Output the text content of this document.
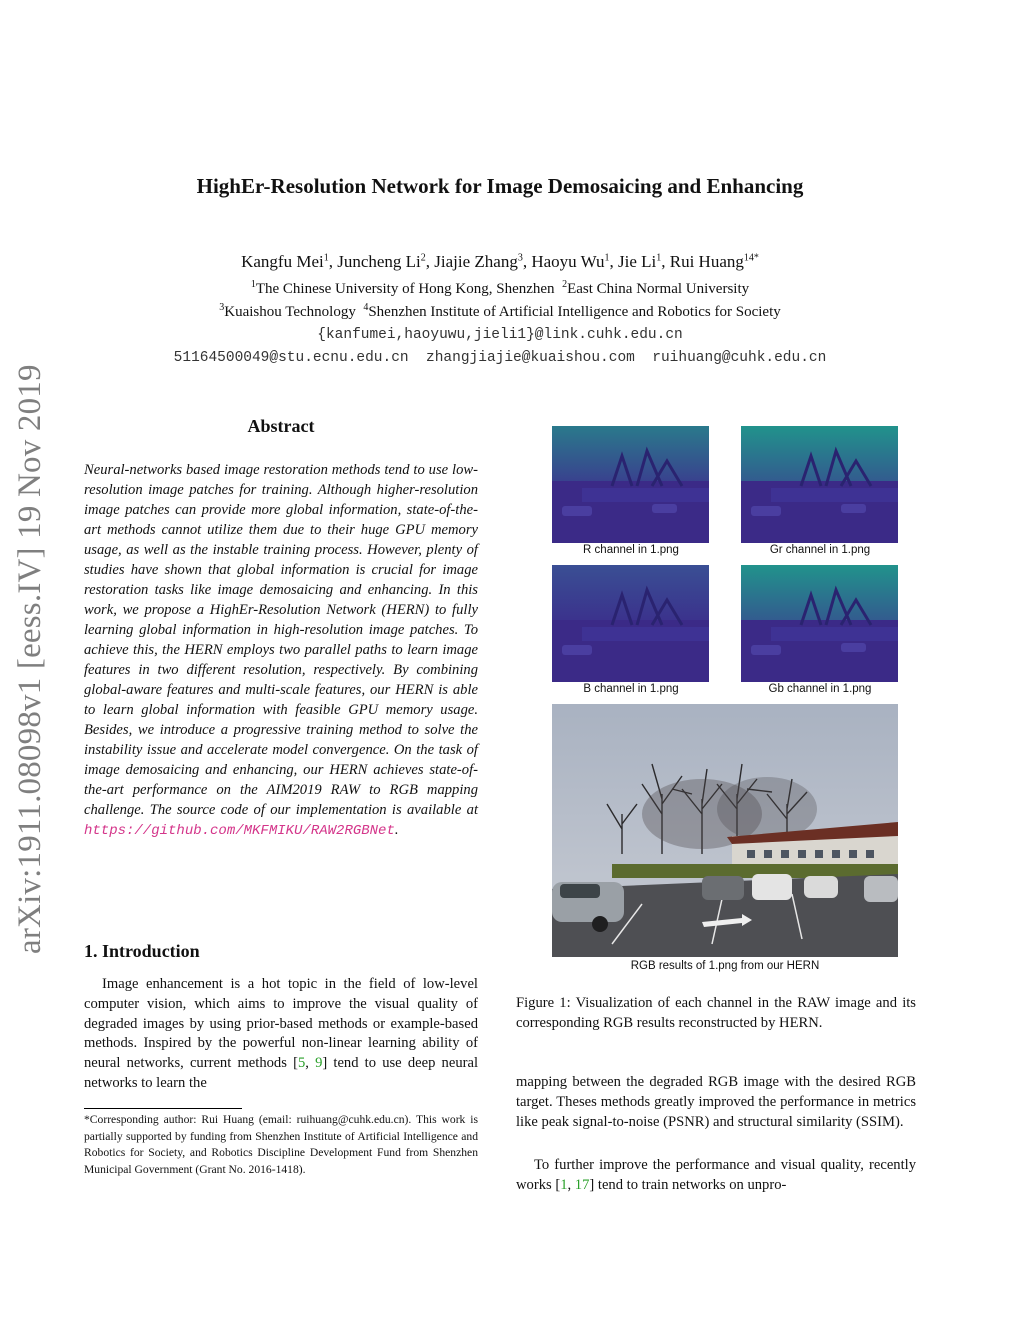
arXiv:1911.08098v1 [eess.IV] 19 Nov 2019
HighEr-Resolution Network for Image Demosaicing and Enhancing
Kangfu Mei$^1$, Juncheng Li$^2$, Jiajie Zhang$^3$, Haoyu Wu$^1$, Jie Li$^1$, Rui Huang$^{14*}$
$^1$The Chinese University of Hong Kong, Shenzhen $^2$East China Normal University
$^3$Kuaishou Technology $^4$Shenzhen Institute of Artificial Intelligence and Robotics for Society
{kanfumei,haoyuwu,jieli1}@link.cuhk.edu.cn
51164500049@stu.ecnu.edu.cn zhangjiajie@kuaishou.com ruihuang@cuhk.edu.cn
Abstract
Neural-networks based image restoration methods tend to use low-resolution image patches for training. Although higher-resolution image patches can provide more global information, state-of-the-art methods cannot utilize them due to their huge GPU memory usage, as well as the instable training process. However, plenty of studies have shown that global information is crucial for image restoration tasks like image demosaicing and enhancing. In this work, we propose a HighEr-Resolution Network (HERN) to fully learning global information in high-resolution image patches. To achieve this, the HERN employs two parallel paths to learn image features in two different resolution, respectively. By combining global-aware features and multi-scale features, our HERN is able to learn global information with feasible GPU memory usage. Besides, we introduce a progressive training method to solve the instability issue and accelerate model convergence. On the task of image demosaicing and enhancing, our HERN achieves state-of-the-art performance on the AIM2019 RAW to RGB mapping challenge. The source code of our implementation is available at https://github.com/MKFMIKU/RAW2RGBNet.
1. Introduction
Image enhancement is a hot topic in the field of low-level computer vision, which aims to improve the visual quality of degraded images by using prior-based methods or example-based methods. Inspired by the powerful non-linear learning ability of neural networks, current methods [5, 9] tend to use deep neural networks to learn the
*Corresponding author: Rui Huang (email: ruihuang@cuhk.edu.cn). This work is partially supported by funding from Shenzhen Institute of Artificial Intelligence and Robotics for Society, and Robotics Discipline Development Fund from Shenzhen Municipal Government (Grant No. 2016-1418).
R channel in 1.png	Gr channel in 1.png
B channel in 1.png	Gb channel in 1.png
RGB results of 1.png from our HERN
Figure 1: Visualization of each channel in the RAW image and its corresponding RGB results reconstructed by HERN.
mapping between the degraded RGB image with the desired RGB target. Theses methods greatly improved the performance in metrics like peak signal-to-noise (PSNR) and structural similarity (SSIM).
To further improve the performance and visual quality, recently works [1, 17] tend to train networks on unpro-
